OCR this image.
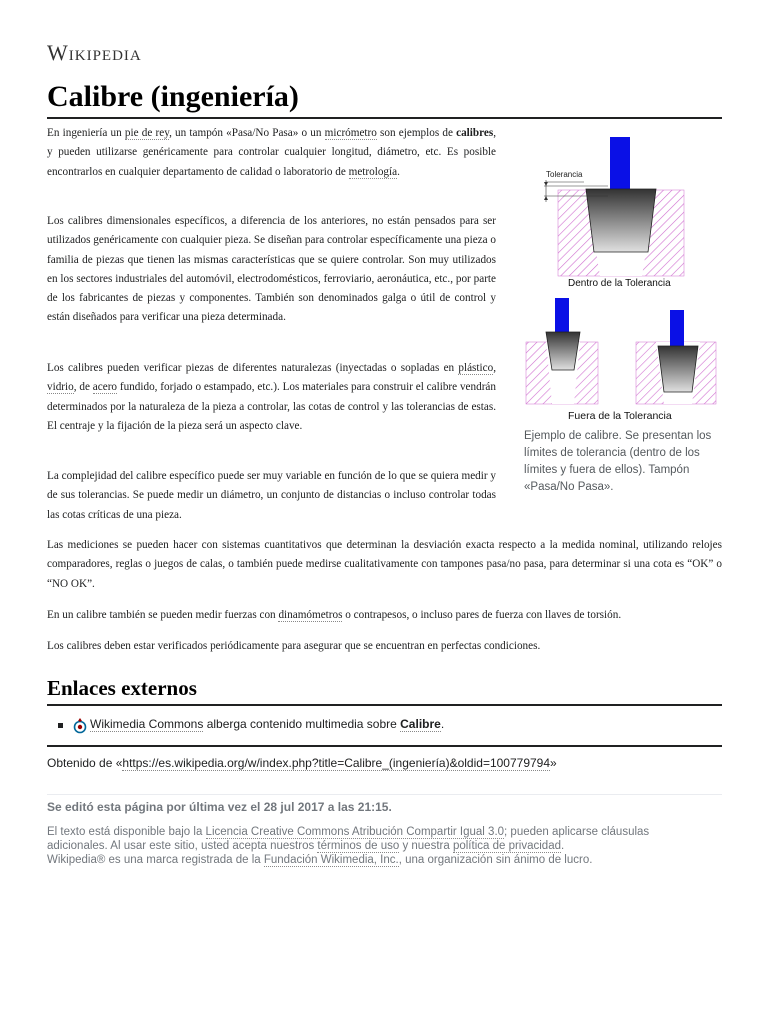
Wikipedia
Calibre (ingeniería)

En ingeniería un pie de rey, un tampón «Pasa/No Pasa» o un micrómetro son ejemplos de calibres, y pueden utilizarse genéricamente para controlar cualquier longitud, diámetro, etc. Es posible encontrarlos en cualquier departamento de calidad o laboratorio de metrología.

Los calibres dimensionales específicos, a diferencia de los anteriores, no están pensados para ser utilizados genéricamente con cualquier pieza. Se diseñan para controlar específicamente una pieza o familia de piezas que tienen las mismas características que se quiere controlar. Son muy utilizados en los sectores industriales del automóvil, electrodomésticos, ferroviario, aeronáutica, etc., por parte de los fabricantes de piezas y componentes. También son denominados galga o útil de control y están diseñados para verificar una pieza determinada.

Los calibres pueden verificar piezas de diferentes naturalezas (inyectadas o sopladas en plástico, vidrio, de acero fundido, forjado o estampado, etc.). Los materiales para construir el calibre vendrán determinados por la naturaleza de la pieza a controlar, las cotas de control y las tolerancias de estas. El centraje y la fijación de la pieza será un aspecto clave.

La complejidad del calibre específico puede ser muy variable en función de lo que se quiera medir y de sus tolerancias. Se puede medir un diámetro, un conjunto de distancias o incluso controlar todas las cotas críticas de una pieza.

Las mediciones se pueden hacer con sistemas cuantitativos que determinan la desviación exacta respecto a la medida nominal, utilizando relojes comparadores, reglas o juegos de calas, o también puede medirse cualitativamente con tampones pasa/no pasa, para determinar si una cota es “OK” o “NO OK”.

En un calibre también se pueden medir fuerzas con dinamómetros o contrapesos, o incluso pares de fuerza con llaves de torsión.

Los calibres deben estar verificados periódicamente para asegurar que se encuentran en perfectas condiciones.

Tolerancia
Dentro de la Tolerancia
Fuera de la Tolerancia
Ejemplo de calibre. Se presentan los límites de tolerancia (dentro de los límites y fuera de ellos). Tampón «Pasa/No Pasa».
Enlaces externos
Wikimedia Commons alberga contenido multimedia sobre Calibre.
Obtenido de «https://es.wikipedia.org/w/index.php?title=Calibre_(ingeniería)&oldid=100779794»
Se editó esta página por última vez el 28 jul 2017 a las 21:15.
El texto está disponible bajo la Licencia Creative Commons Atribución Compartir Igual 3.0; pueden aplicarse cláusulas
adicionales. Al usar este sitio, usted acepta nuestros términos de uso y nuestra política de privacidad.
Wikipedia® es una marca registrada de la Fundación Wikimedia, Inc., una organización sin ánimo de lucro.
